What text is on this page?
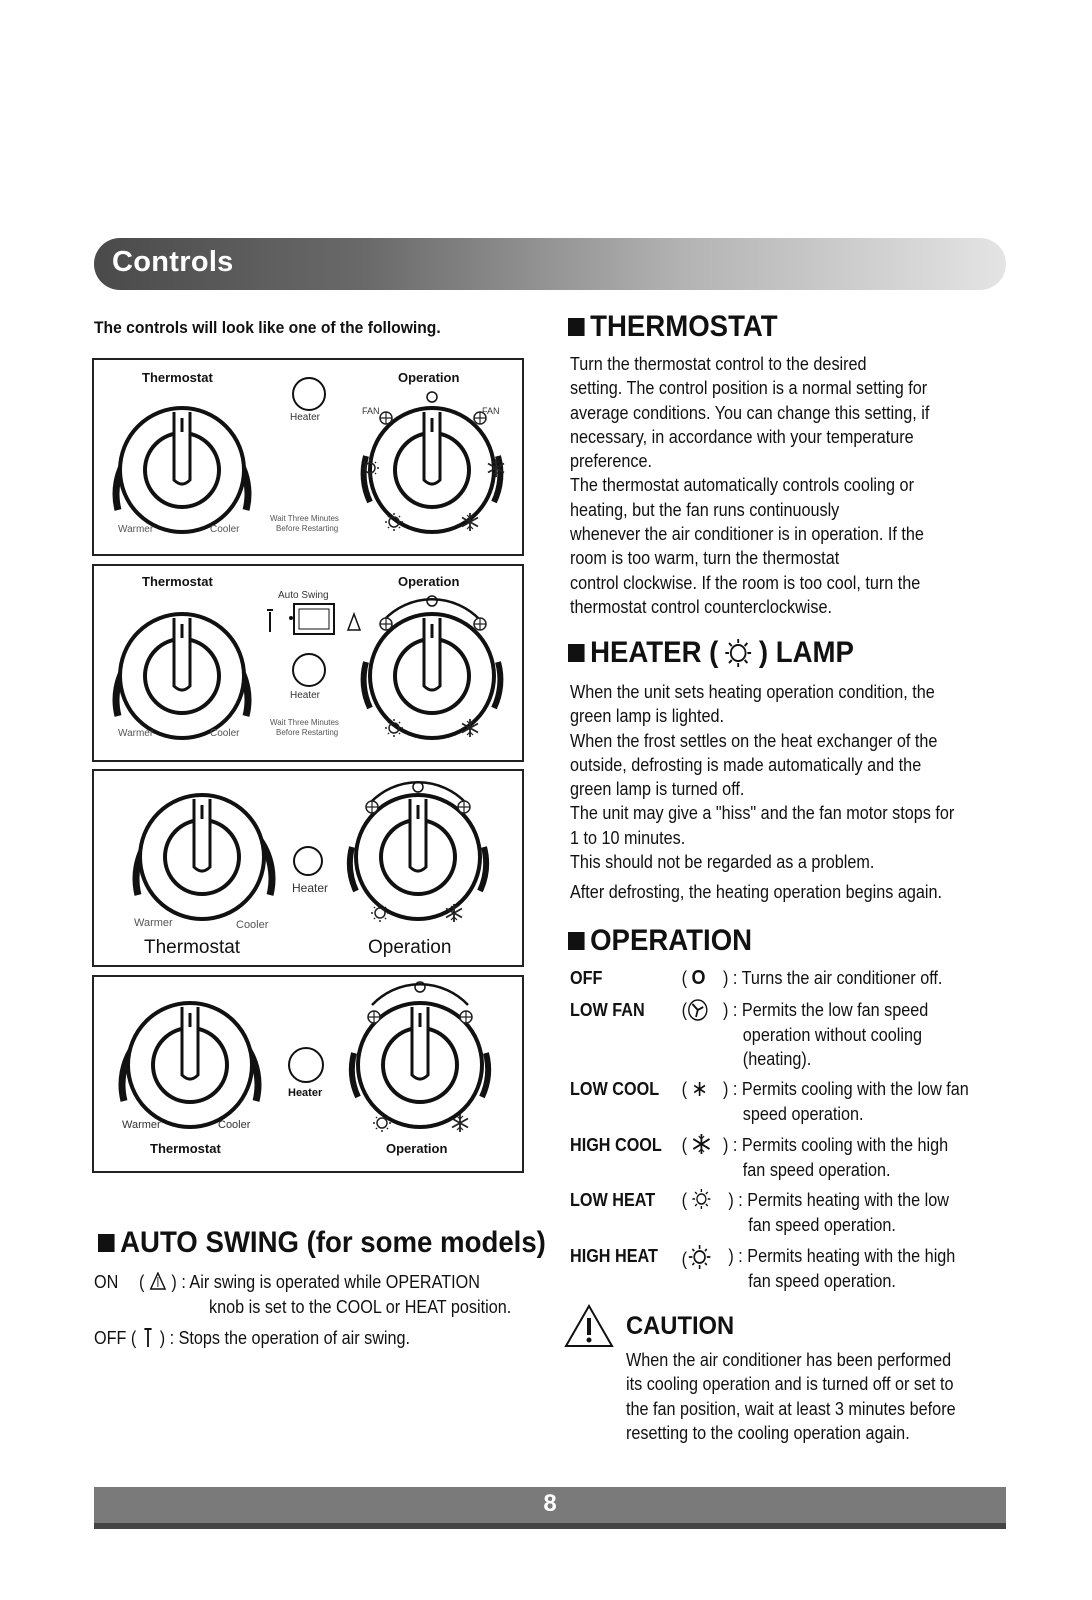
Controls
The controls will look like one of the following.
Thermostat	Operation
Heater
FAN	FAN
Warmer	Cooler
Wait Three Minutes
Before Restarting
Thermostat	Operation
Auto Swing
Heater
Warmer	Cooler
Wait Three Minutes
Before Restarting
Heater
Warmer	Cooler
Thermostat	Operation
Heater
Warmer	Cooler
Thermostat	Operation
AUTO SWING (for some models)
ON (  ) : Air swing is operated while OPERATION
knob is set to the COOL or HEAT position.
OFF (  ) : Stops the operation of air swing.
THERMOSTAT
Turn the thermostat control to the desired
setting. The control position is a normal setting for
average conditions. You can change this setting, if
necessary, in accordance with your temperature
preference.
The thermostat automatically controls cooling or
heating, but the fan runs continuously
whenever the air conditioner is in operation. If the
room is too warm, turn the thermostat
control clockwise. If the room is too cool, turn the
thermostat control counterclockwise.
HEATER ( ) LAMP
When the unit sets heating operation condition, the
green lamp is lighted.
When the frost settles on the heat exchanger of the
outside, defrosting is made automatically and the
green lamp is turned off.
The unit may give a "hiss" and the fan motor stops for
1 to 10 minutes.
This should not be regarded as a problem.
After defrosting, the heating operation begins again.
OPERATION
OFF	( O ) : Turns the air conditioner off.
LOW FAN ( ) : Permits the low fan speed
operation without cooling
(heating).
LOW COOL ( ) : Permits cooling with the low fan
speed operation.
HIGH COOL ( ) : Permits cooling with the high
fan speed operation.
LOW HEAT ( ) : Permits heating with the low
fan speed operation.
HIGH HEAT ( ) : Permits heating with the high
fan speed operation.
CAUTION
When the air conditioner has been performed
its cooling operation and is turned off or set to
the fan position, wait at least 3 minutes before
resetting to the cooling operation again.
8
